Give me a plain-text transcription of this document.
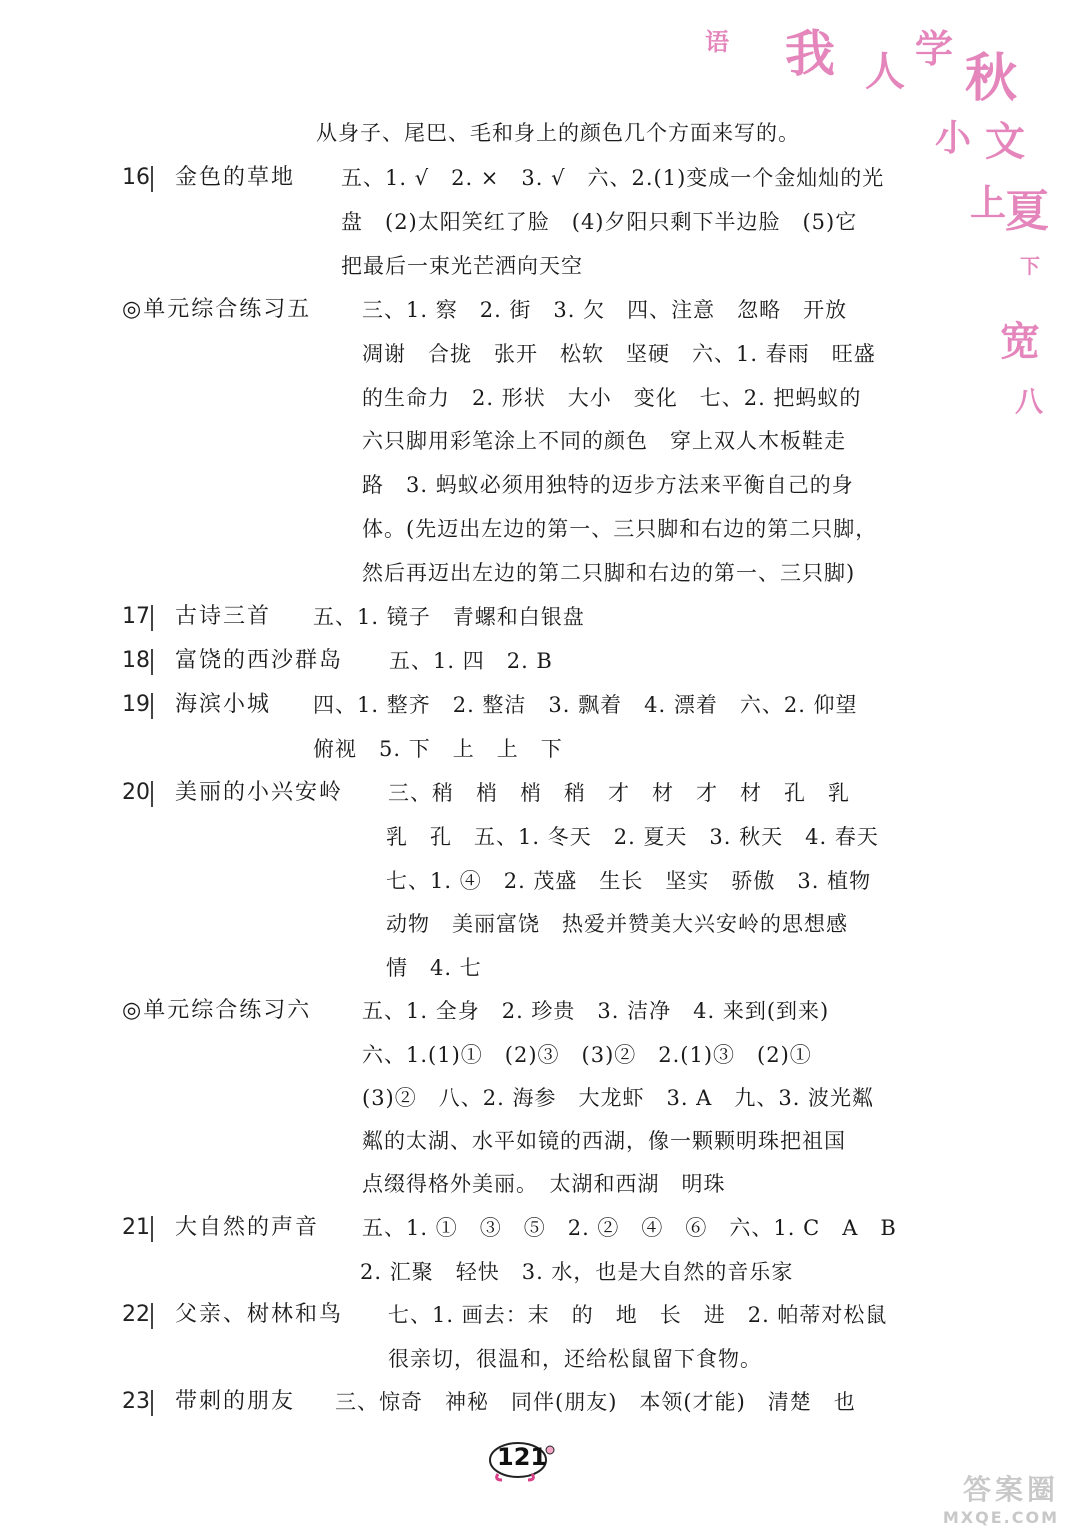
语 我 人 学 秋
小 文
上
夏
下
宽
八
从身子、尾巴、毛和身上的颜色几个方面来写的。
五、1. √　2. ×　3. √　六、2.(1)变成一个金灿灿的光
盘　(2)太阳笑红了脸　(4)夕阳只剩下半边脸　(5)它
把最后一束光芒洒向天空
三、1. 察　2. 街　3. 欠　四、注意　忽略　开放
凋谢　合拢　张开　松软　坚硬　六、1. 春雨　旺盛
的生命力　2. 形状　大小　变化　七、2. 把蚂蚁的
六只脚用彩笔涂上不同的颜色　穿上双人木板鞋走
路　3. 蚂蚁必须用独特的迈步方法来平衡自己的身
体。(先迈出左边的第一、三只脚和右边的第二只脚，
然后再迈出左边的第二只脚和右边的第一、三只脚)
五、1. 镜子　青螺和白银盘
五、1. 四　2. B
四、1. 整齐　2. 整洁　3. 飘着　4. 漂着　六、2. 仰望
俯视　5. 下　上　上　下
三、稍　梢　梢　稍　才　材　才　材　孔　乳
乳　孔　五、1. 冬天　2. 夏天　3. 秋天　4. 春天
七、1. ④　2. 茂盛　生长　坚实　骄傲　3. 植物
动物　美丽富饶　热爱并赞美大兴安岭的思想感
情　4. 七
五、1. 全身　2. 珍贵　3. 洁净　4. 来到(到来)
六、1.(1)①　(2)③　(3)②　2.(1)③　(2)①
(3)②　八、2. 海参　大龙虾　3. A　九、3. 波光粼
粼的太湖、水平如镜的西湖，像一颗颗明珠把祖国
点缀得格外美丽。　太湖和西湖　明珠
五、1. ①　③　⑤　2. ②　④　⑥　六、1. C　A　B
2. 汇聚　轻快　3. 水，也是大自然的音乐家
七、1. 画去：末　的　地　长　进　2. 帕蒂对松鼠
很亲切，很温和，还给松鼠留下食物。
三、惊奇　神秘　同伴(朋友)　本领(才能)　清楚　也
16 金色的草地
◎单元综合练习五
17 古诗三首
18 富饶的西沙群岛
19 海滨小城
20 美丽的小兴安岭
◎单元综合练习六
21 大自然的声音
22 父亲、树林和鸟
23 带刺的朋友
121
答案圈
MXQE.COM
